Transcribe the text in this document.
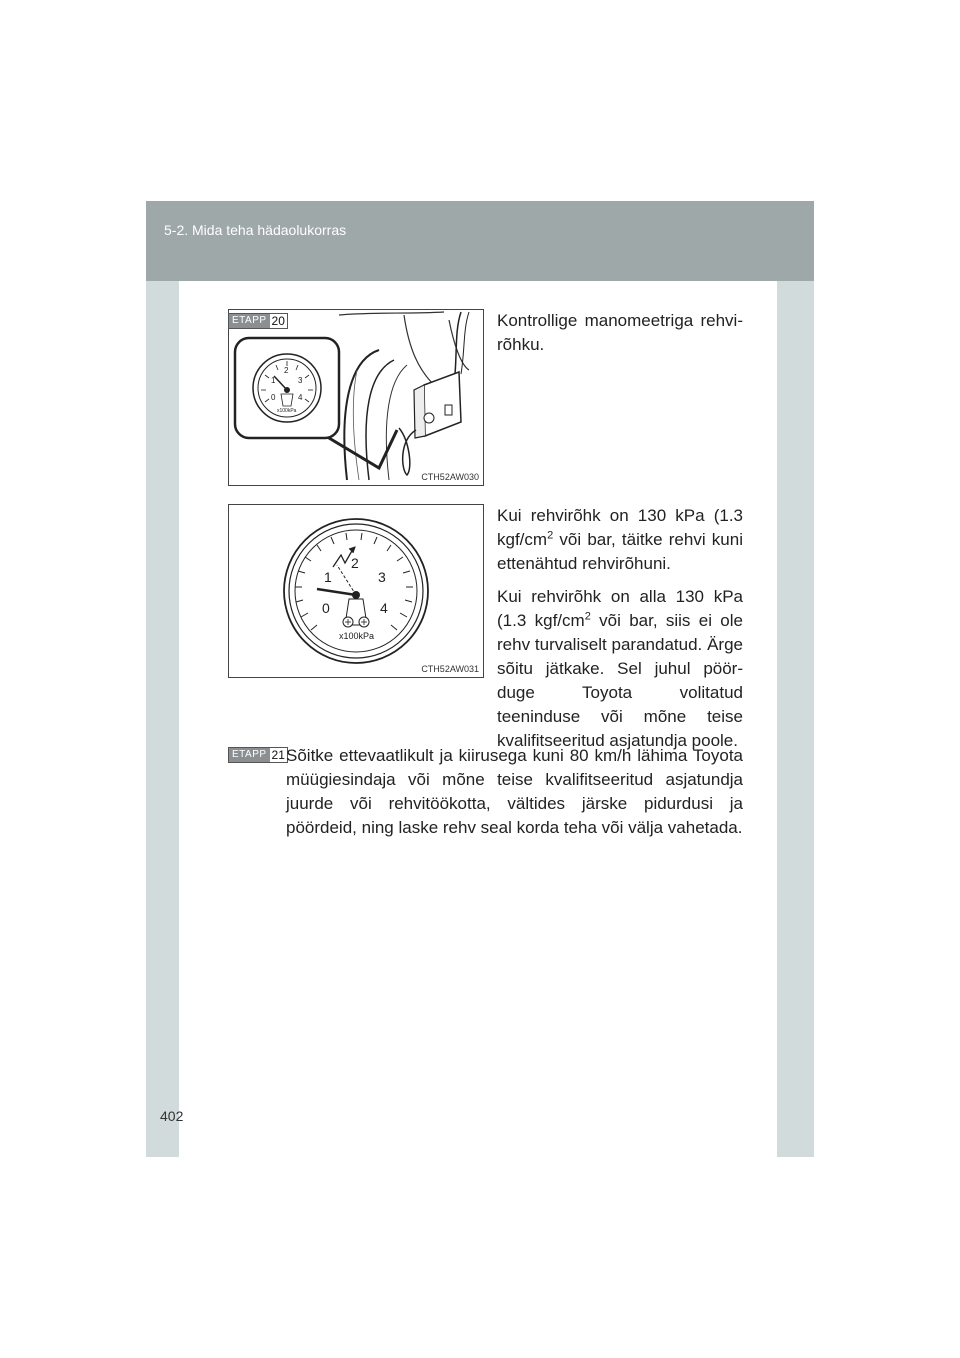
5-2. Mida teha hädaolukorras
0
1
2
3
4
x100kPa
CTH52AW030
ETAPP 20
0
1
2
3
4
x100kPa
CTH52AW031

Kontrollige manomeetriga rehvi-rõhku.

Kui rehvirõhk on 130 kPa (1.3 kgf/$cm^2$ või bar, täitke rehvi kuni ettenähtud rehvirõhuni.

Kui rehvirõhk on alla 130 kPa (1.3 kgf/$cm^2$ või bar, siis ei ole rehv turvaliselt parandatud. Ärge sõitu jätkake. Sel juhul pöör-duge Toyota volitatud teeninduse või mõne teise kvalifitseeritud asjatundja poole.

ETAPP 21 Sõitke ettevaatlikult ja kiirusega kuni 80 km/h lähima Toyota müügiesindaja või mõne teise kvalifitseeritud asjatundja juurde või rehvitöökotta, vältides järske pidurdusi ja pöördeid, ning laske rehv seal korda teha või välja vahetada.

402
